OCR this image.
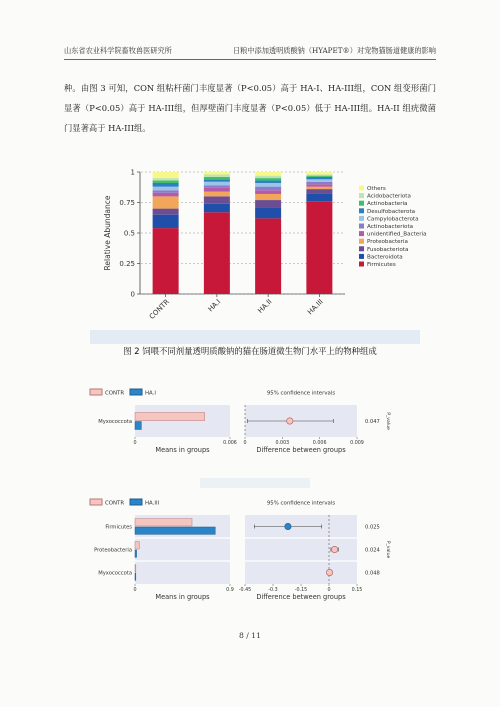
山东省农业科学院畜牧兽医研究所	日粮中添加透明质酸钠（HYAPET®）对宠物猫肠道健康的影响
种。由图 3 可知，CON 组粘杆菌门丰度显著（P<0.05）高于 HA-I、HA-III组，CON 组变形菌门显著（P<0.05）高于 HA-III组，但厚壁菌门丰度显著（P<0.05）低于 HA-III组。HA-II 组疣微菌门显著高于 HA-III组。
0
0.25
0.5
0.75
1
Relative Abundance
CONTR	HA.I	HA.II	HA.III
Others
Acidobacteriota
Actinobacteria
Desulfobacterota
Campylobacterota
Actinobacteriota
unidentified_Bacteria
Proteobacteria
Fusobacteriota
Bacteroidota
Firmicutes
图 2 饲喂不同剂量透明质酸钠的猫在肠道微生物门水平上的物种组成
CONTR	HA.I	95% confidence intervals
Myxococcota	0.047 P_value
0	0.006 0	0.003	0.006	0.009
Means in groups	Difference between groups
CONTR	HA.III	95% confidence intervals
Firmicutes	0.025
Proteobacteria	0.024
Myxococcota	0.048
P_value
0	0.9 -0.45	-0.3	-0.15	0	0.15
Means in groups	Difference between groups
8 / 11
